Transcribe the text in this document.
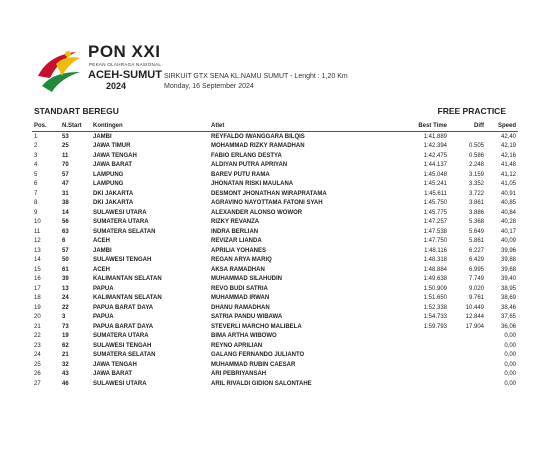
PON XXI
PEKAN OLAHRAGA NASIONAL
ACEH-SUMUT
2024
SIRKUIT GTX SENA KL.NAMU SUMUT - Lenght : 1,20 Km
Monday, 16 September 2024
STANDART BEREGU	FREE PRACTICE
Pos.	N.Start	Kontingen	Atlet	Best Time	Diff	Speed
1	53	JAMBI	REYFALDO IWANGGARA BILQIS	1:41.889		42,40
2	25	JAWA TIMUR	MOHAMMAD RIZKY RAMADHAN	1:42.394	0.505	42,19
3	11	JAWA TENGAH	FABIO ERLANG DESTYA	1:42.475	0.586	42,16
4	70	JAWA BARAT	ALDIYAN PUTRA APRIYAN	1:44.137	2.248	41,48
5	57	LAMPUNG	BAREV PUTU RAMA	1:45.048	3.159	41,12
6	47	LAMPUNG	JHONATAN RISKI MAULANA	1:45.241	3.352	41,05
7	31	DKI JAKARTA	DESMONT JHONATHAN WIRAPRATAMA	1:45.611	3.722	40,91
8	38	DKI JAKARTA	AGRAVINO NAYOTTAMA FATONI SYAH	1:45.750	3.861	40,85
9	14	SULAWESI UTARA	ALEXANDER ALONSO WOWOR	1:45.775	3.886	40,84
10	56	SUMATERA UTARA	RIZKY REVANZA	1:47.257	5.368	40,28
11	63	SUMATERA SELATAN	INDRA BERLIAN	1:47.538	5.649	40,17
12	6	ACEH	REVIZAR LIANDA	1:47.750	5.861	40,09
13	57	JAMBI	APRILIA YOHANES	1:48.116	6.227	39,96
14	50	SULAWESI TENGAH	REGAN ARYA MARIQ	1:48.318	6.429	39,88
15	61	ACEH	AKSA RAMADHAN	1:48.884	6.995	39,68
16	39	KALIMANTAN SELATAN	MUHAMMAD SILAHUDIN	1:49.638	7.749	39,40
17	13	PAPUA	REVO BUDI SATRIA	1:50.909	9.020	38,95
18	24	KALIMANTAN SELATAN	MUHAMMAD IRWAN	1:51.650	9.761	38,69
19	22	PAPUA BARAT DAYA	DHANU RAMADHAN	1:52.338	10.449	38,46
20	3	PAPUA	SATRIA PANDU WIBAWA	1:54.733	12.844	37,65
21	73	PAPUA BARAT DAYA	STEVERLI MARCHO MALIBELA	1:59.793	17.904	36,06
22	19	SUMATERA UTARA	BIMA ARTHA WIBOWO			0,00
23	62	SULAWESI TENGAH	REYNO APRILIAN			0,00
24	21	SUMATERA SELATAN	GALANG FERNANDO JULIANTO			0,00
25	32	JAWA TENGAH	MUHAMMAD RUBIN CAESAR			0,00
26	43	JAWA BARAT	ARI PEBRIYANSAH			0,00
27	46	SULAWESI UTARA	ARIL RIVALDI GIDION SALONTAHE			0,00
